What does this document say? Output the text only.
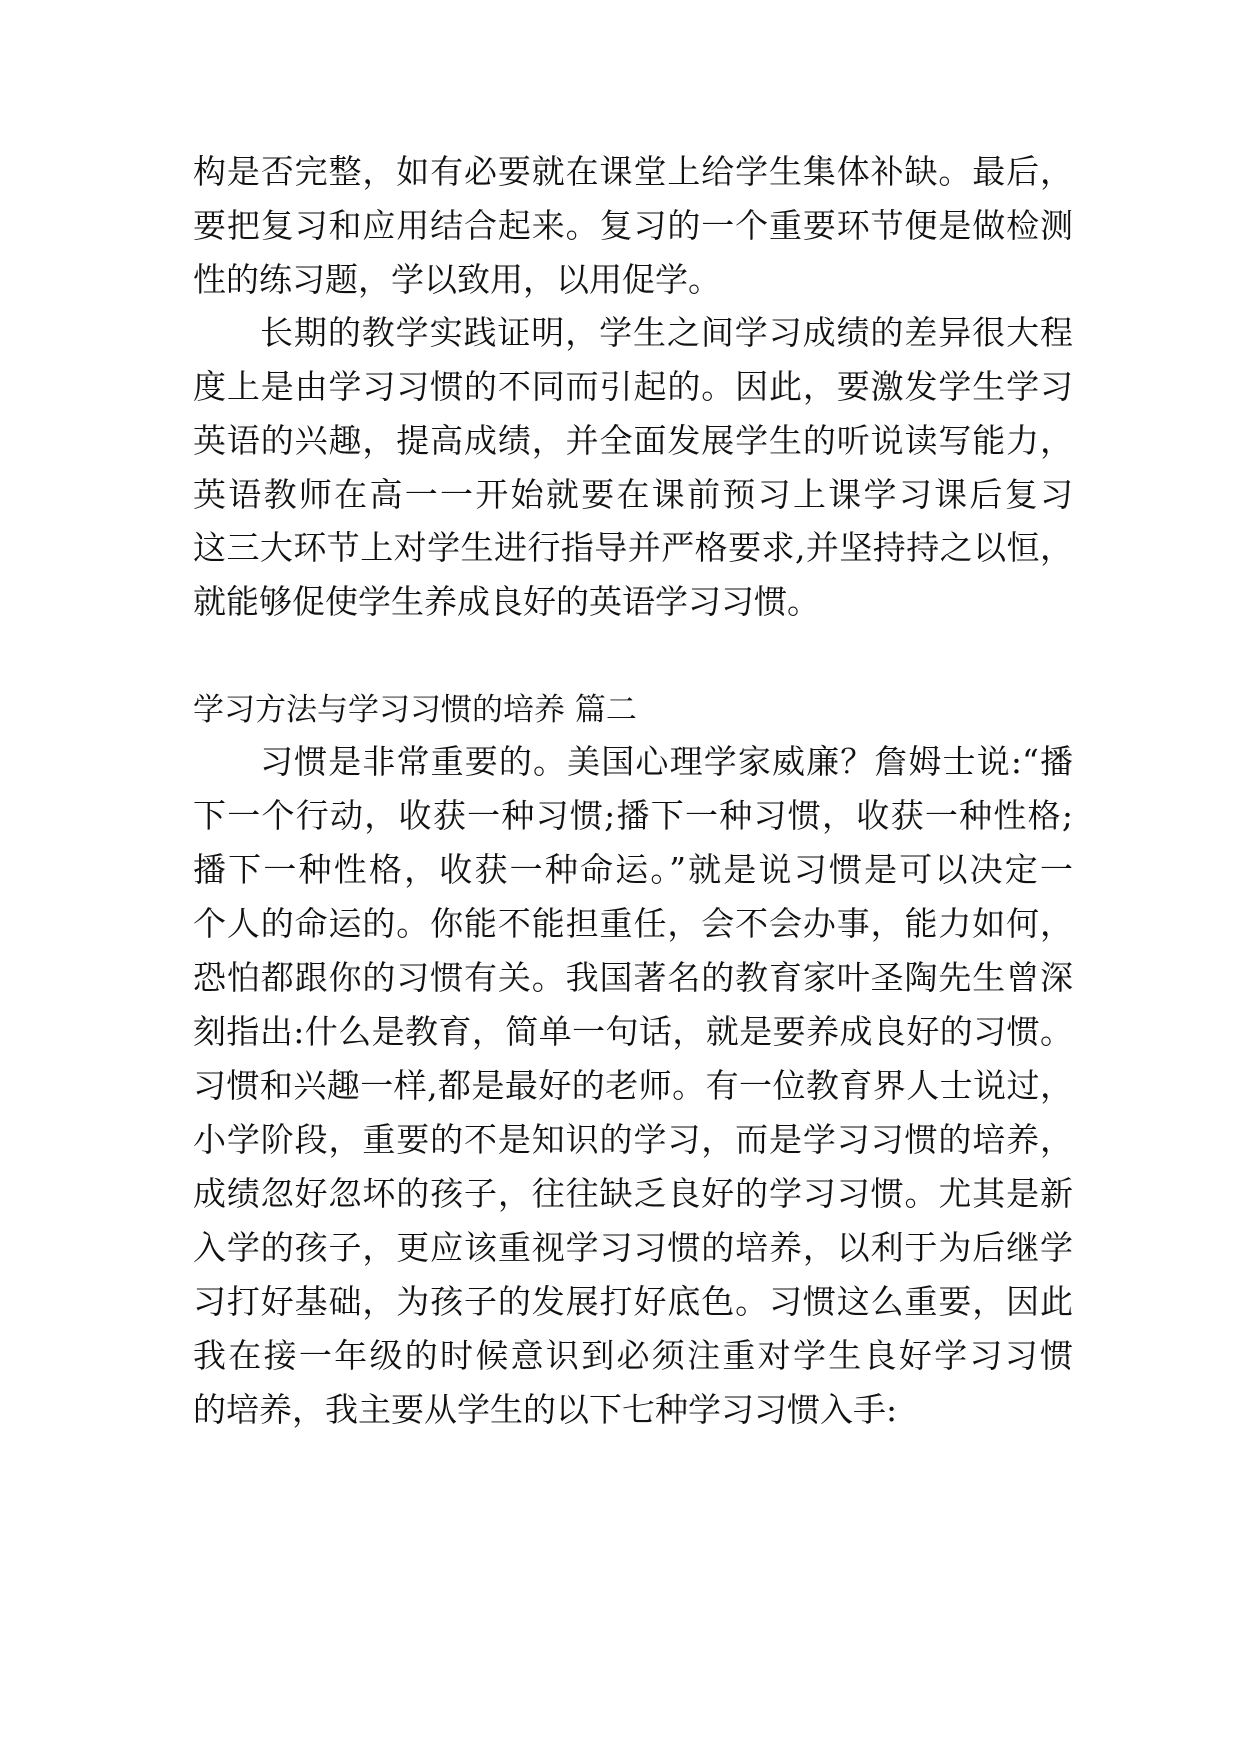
构是否完整，如有必要就在课堂上给学生集体补缺。最后，
要把复习和应用结合起来。复习的一个重要环节便是做检测
性的练习题，学以致用，以用促学。
长期的教学实践证明，学生之间学习成绩的差异很大程
度上是由学习习惯的不同而引起的。因此，要激发学生学习
英语的兴趣，提高成绩，并全面发展学生的听说读写能力，
英语教师在高一一开始就要在课前预习上课学习课后复习
这三大环节上对学生进行指导并严格要求,并坚持持之以恒，
就能够促使学生养成良好的英语学习习惯。
学习方法与学习习惯的培养 篇二
习惯是非常重要的。美国心理学家威廉？詹姆士说:“播
下一个行动，收获一种习惯;播下一种习惯，收获一种性格;
播下一种性格，收获一种命运。”就是说习惯是可以决定一
个人的命运的。你能不能担重任，会不会办事，能力如何，
恐怕都跟你的习惯有关。我国著名的教育家叶圣陶先生曾深
刻指出:什么是教育，简单一句话，就是要养成良好的习惯。
习惯和兴趣一样,都是最好的老师。有一位教育界人士说过，
小学阶段，重要的不是知识的学习，而是学习习惯的培养，
成绩忽好忽坏的孩子，往往缺乏良好的学习习惯。尤其是新
入学的孩子，更应该重视学习习惯的培养，以利于为后继学
习打好基础，为孩子的发展打好底色。习惯这么重要，因此
我在接一年级的时候意识到必须注重对学生良好学习习惯
的培养，我主要从学生的以下七种学习习惯入手:
